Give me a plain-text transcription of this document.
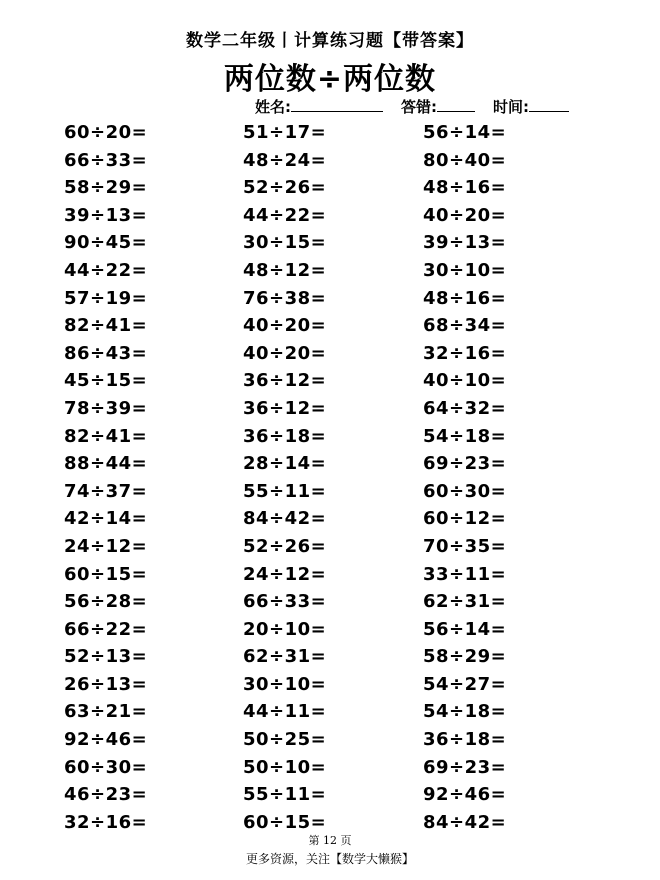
数学二年级丨计算练习题【带答案】
两位数÷两位数
姓名:	答错:	时间:
60÷20=
66÷33=
58÷29=
39÷13=
90÷45=
44÷22=
57÷19=
82÷41=
86÷43=
45÷15=
78÷39=
82÷41=
88÷44=
74÷37=
42÷14=
24÷12=
60÷15=
56÷28=
66÷22=
52÷13=
26÷13=
63÷21=
92÷46=
60÷30=
46÷23=
32÷16=
51÷17=
48÷24=
52÷26=
44÷22=
30÷15=
48÷12=
76÷38=
40÷20=
40÷20=
36÷12=
36÷12=
36÷18=
28÷14=
55÷11=
84÷42=
52÷26=
24÷12=
66÷33=
20÷10=
62÷31=
30÷10=
44÷11=
50÷25=
50÷10=
55÷11=
60÷15=
56÷14=
80÷40=
48÷16=
40÷20=
39÷13=
30÷10=
48÷16=
68÷34=
32÷16=
40÷10=
64÷32=
54÷18=
69÷23=
60÷30=
60÷12=
70÷35=
33÷11=
62÷31=
56÷14=
58÷29=
54÷27=
54÷18=
36÷18=
69÷23=
92÷46=
84÷42=
第 12 页
更多资源，关注【数学大懒猴】
